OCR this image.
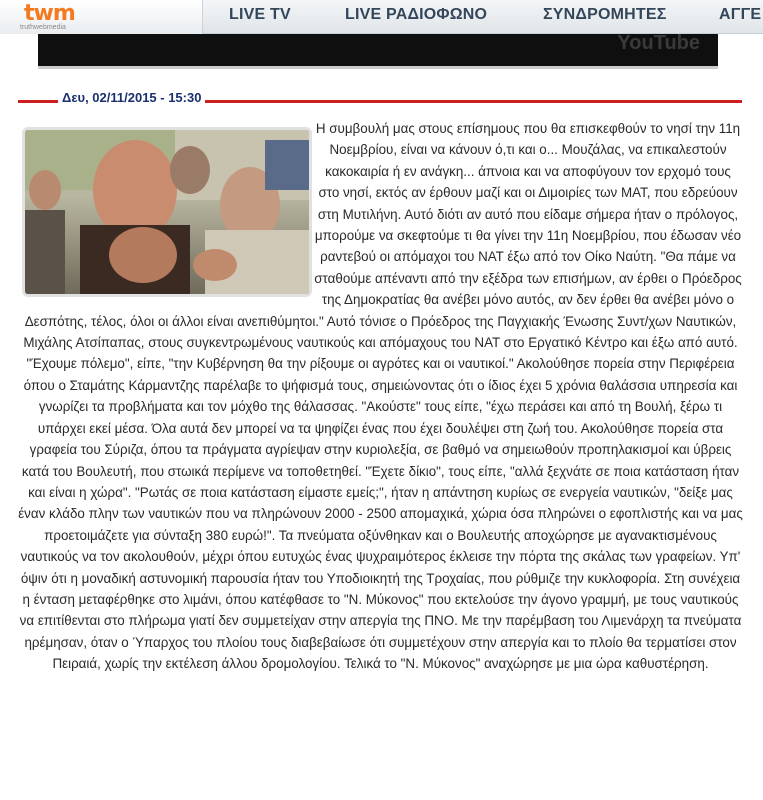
twm
truthwebmedia
LIVE TV	LIVE ΡΑΔΙΟΦΩΝΟ	ΣΥΝΔΡΟΜΗΤΕΣ	ΑΓΓΕ
YouTube
Δευ, 02/11/2015 - 15:30
Η συμβουλή μας στους επίσημους που θα επισκεφθούν το νησί την 11η Νοεμβρίου, είναι να κάνουν ό,τι και ο... Μουζάλας, να επικαλεστούν κακοκαιρία ή εν ανάγκη... άπνοια και να αποφύγουν τον ερχομό τους στο νησί, εκτός αν έρθουν μαζί και οι Διμοιρίες των ΜΑΤ, που εδρεύουν στη Μυτιλήνη. Αυτό διότι αν αυτό που είδαμε σήμερα ήταν ο πρόλογος, μπορούμε να σκεφτούμε τι θα γίνει την 11η Νοεμβρίου, που έδωσαν νέο ραντεβού οι απόμαχοι του ΝΑΤ έξω από τον Οίκο Ναύτη. "Θα πάμε να σταθούμε απέναντι από την εξέδρα των επισήμων, αν έρθει ο Πρόεδρος της Δημοκρατίας θα ανέβει μόνο αυτός, αν δεν έρθει θα ανέβει μόνο ο Δεσπότης, τέλος, όλοι οι άλλοι είναι ανεπιθύμητοι." Αυτό τόνισε ο Πρόεδρος της Παγχιακής Ένωσης Συντ/χων Ναυτικών, Μιχάλης Ατσίπαπας, στους συγκεντρωμένους ναυτικούς και απόμαχους του ΝΑΤ στο Εργατικό Κέντρο και έξω από αυτό. "Έχουμε πόλεμο", είπε, "την Κυβέρνηση θα την ρίξουμε οι αγρότες και οι ναυτικοί." Ακολούθησε πορεία στην Περιφέρεια όπου ο Σταμάτης Κάρμαντζης παρέλαβε το ψήφισμά τους, σημειώνοντας ότι ο ίδιος έχει 5 χρόνια θαλάσσια υπηρεσία και γνωρίζει τα προβλήματα και τον μόχθο της θάλασσας. "Ακούστε" τους είπε, "έχω περάσει και από τη Βουλή, ξέρω τι υπάρχει εκεί μέσα. Όλα αυτά δεν μπορεί να τα ψηφίζει ένας που έχει δουλέψει στη ζωή του. Ακολούθησε πορεία στα γραφεία του Σύριζα, όπου τα πράγματα αγρίεψαν στην κυριολεξία, σε βαθμό να σημειωθούν προπηλακισμοί και ύβρεις κατά του Βουλευτή, που στωικά περίμενε να τοποθετηθεί. "Έχετε δίκιο", τους είπε, "αλλά ξεχνάτε σε ποια κατάσταση ήταν και είναι η χώρα". "Ρωτάς σε ποια κατάσταση είμαστε εμείς;", ήταν η απάντηση κυρίως σε ενεργεία ναυτικών, "δείξε μας έναν κλάδο πλην των ναυτικών που να πληρώνουν 2000 - 2500 απομαχικά, χώρια όσα πληρώνει ο εφοπλιστής και να μας προετοιμάζετε για σύνταξη 380 ευρώ!". Τα πνεύματα οξύνθηκαν και ο Βουλευτής αποχώρησε με αγανακτισμένους ναυτικούς να τον ακολουθούν, μέχρι όπου ευτυχώς ένας ψυχραιμότερος έκλεισε την πόρτα της σκάλας των γραφείων. Υπ' όψιν ότι η μοναδική αστυνομική παρουσία ήταν του Υποδιοικητή της Τροχαίας, που ρύθμιζε την κυκλοφορία. Στη συνέχεια η ένταση μεταφέρθηκε στο λιμάνι, όπου κατέφθασε το "Ν. Μύκονος" που εκτελούσε την άγονο γραμμή, με τους ναυτικούς να επιτίθενται στο πλήρωμα γιατί δεν συμμετείχαν στην απεργία της ΠΝΟ. Με την παρέμβαση του Λιμενάρχη τα πνεύματα ηρέμησαν, όταν ο Ύπαρχος του πλοίου τους διαβεβαίωσε ότι συμμετέχουν στην απεργία και το πλοίο θα τερματίσει στον Πειραιά, χωρίς την εκτέλεση άλλου δρομολογίου. Τελικά το "Ν. Μύκονος" αναχώρησε με μια ώρα καθυστέρηση.
